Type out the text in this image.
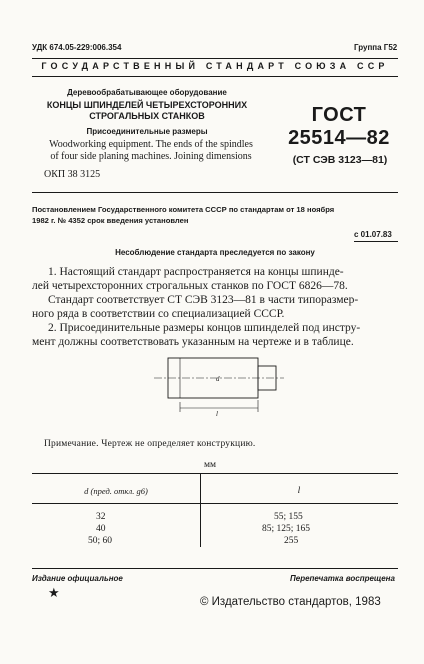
УДК 674.05-229:006.354	Группа Г52
ГОСУДАРСТВЕННЫЙ СТАНДАРТ СОЮЗА ССР
Деревообрабатывающее оборудование
КОНЦЫ ШПИНДЕЛЕЙ ЧЕТЫРЕХСТОРОННИХ
СТРОГАЛЬНЫХ СТАНКОВ
Присоединительные размеры
Woodworking equipment. The ends of the spindles
of four side planing machines. Joining dimensions
ОКП 38 3125
ГОСТ
25514—82
(СТ СЭВ 3123—81)
Постановлением Государственного комитета СССР по стандартам от 18 ноября
1982 г. № 4352 срок введения установлен
с 01.07.83
Несоблюдение стандарта преследуется по закону
1. Настоящий стандарт распространяется на концы шпинде-
лей четырехсторонних строгальных станков по ГОСТ 6826—78.
Стандарт соответствует СТ СЭВ 3123—81 в части типоразмер-
ного ряда в соответствии со специализацией СССР.
2. Присоединительные размеры концов шпинделей под инстру-
мент должны соответствовать указанным на чертеже и в таблице.
d
l
Примечание. Чертеж не определяет конструкцию.
мм
d (пред. откл. g6)	l
32	55; 155
40	85; 125; 165
50; 60	255
Издание официальное	Перепечатка воспрещена
★
© Издательство стандартов, 1983
